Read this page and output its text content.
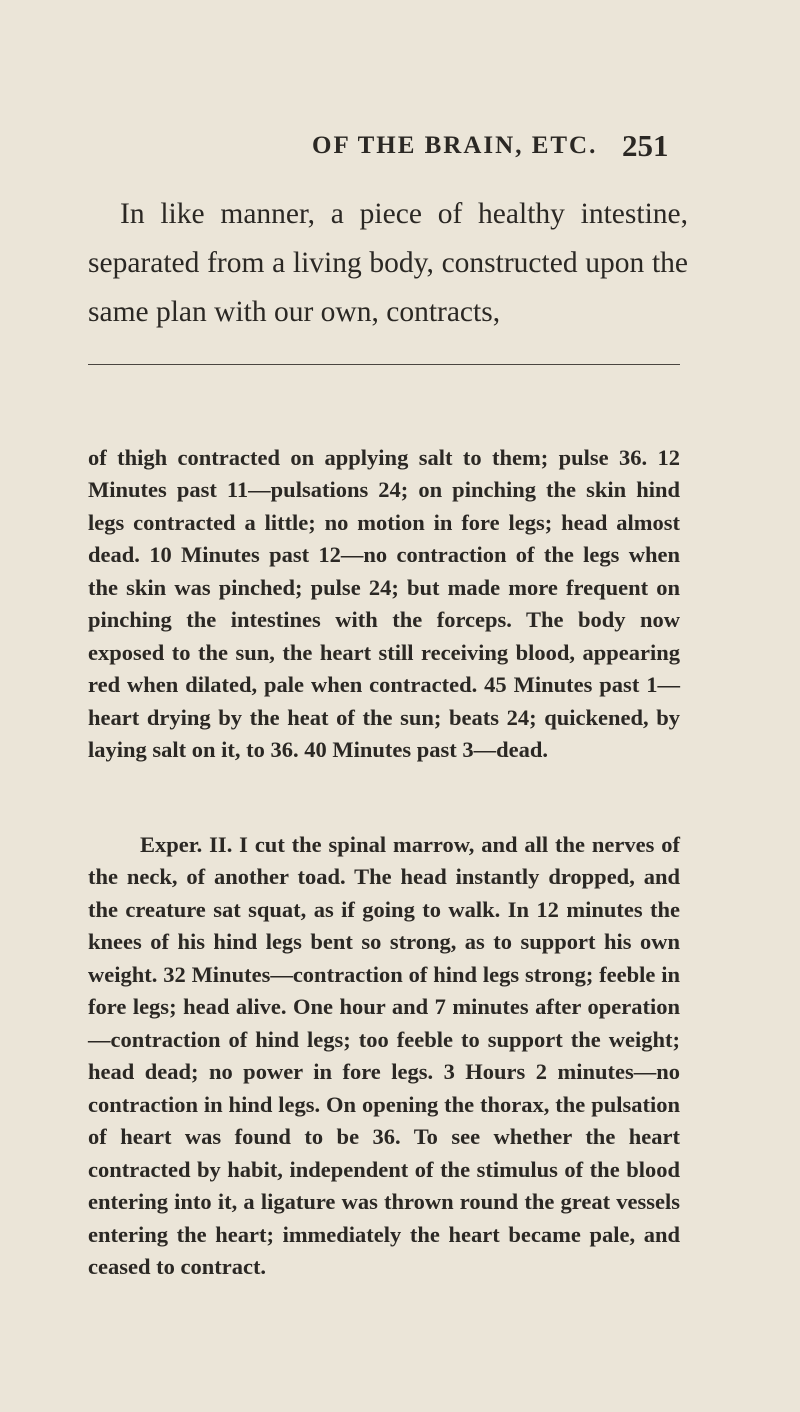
OF THE BRAIN, ETC. 251

In like manner, a piece of healthy intestine, separated from a living body, constructed upon the same plan with our own, contracts,

of thigh contracted on applying salt to them; pulse 36. 12 Minutes past 11—pulsations 24; on pinching the skin hind legs contracted a little; no motion in fore legs; head almost dead. 10 Minutes past 12—no contraction of the legs when the skin was pinched; pulse 24; but made more frequent on pinching the intestines with the forceps. The body now exposed to the sun, the heart still receiving blood, appearing red when dilated, pale when contracted. 45 Minutes past 1—heart drying by the heat of the sun; beats 24; quickened, by laying salt on it, to 36. 40 Minutes past 3—dead.

Exper. II. I cut the spinal marrow, and all the nerves of the neck, of another toad. The head instantly dropped, and the creature sat squat, as if going to walk. In 12 minutes the knees of his hind legs bent so strong, as to support his own weight. 32 Minutes—contraction of hind legs strong; feeble in fore legs; head alive. One hour and 7 minutes after operation—contraction of hind legs; too feeble to support the weight; head dead; no power in fore legs. 3 Hours 2 minutes—no contraction in hind legs. On opening the thorax, the pulsation of heart was found to be 36. To see whether the heart contracted by habit, independent of the stimulus of the blood entering into it, a ligature was thrown round the great vessels entering the heart; immediately the heart became pale, and ceased to contract.
